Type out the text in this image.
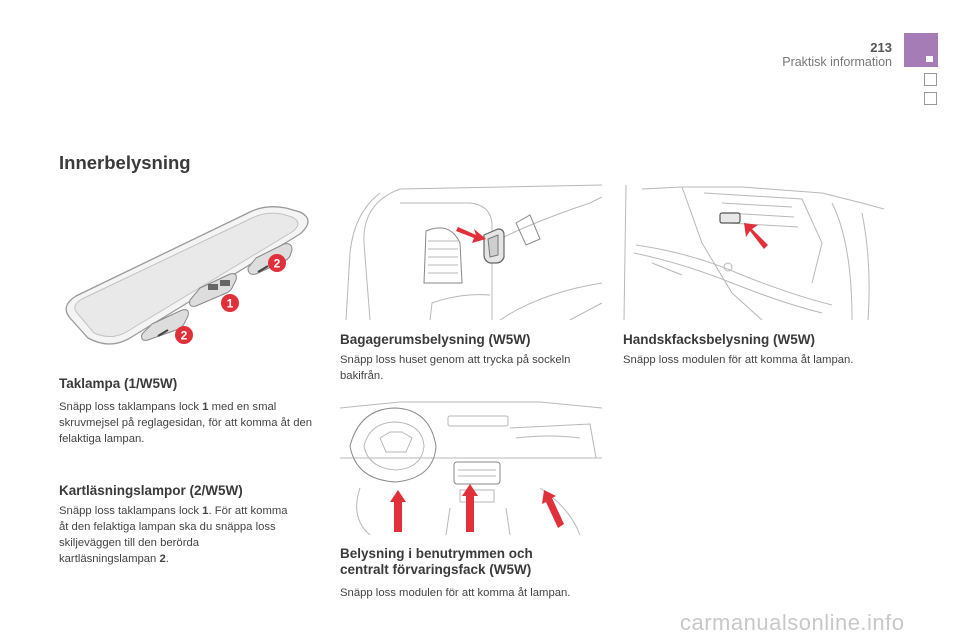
213
Praktisk information
Innerbelysning
2
1
2
Taklampa (1/W5W)
Snäpp loss taklampans lock 1 med en smal skruvmejsel på reglagesidan, för att komma åt den felaktiga lampan.
Kartläsningslampor (2/W5W)
Snäpp loss taklampans lock 1. För att komma åt den felaktiga lampan ska du snäppa loss skiljeväggen till den berörda kartläsningslampan 2.
Bagagerumsbelysning (W5W)
Snäpp loss huset genom att trycka på sockeln bakifrån.
Belysning i benutrymmen och
centralt förvaringsfack (W5W)
Snäpp loss modulen för att komma åt lampan.
Handskfacksbelysning (W5W)
Snäpp loss modulen för att komma åt lampan.
carmanualsonline.info
